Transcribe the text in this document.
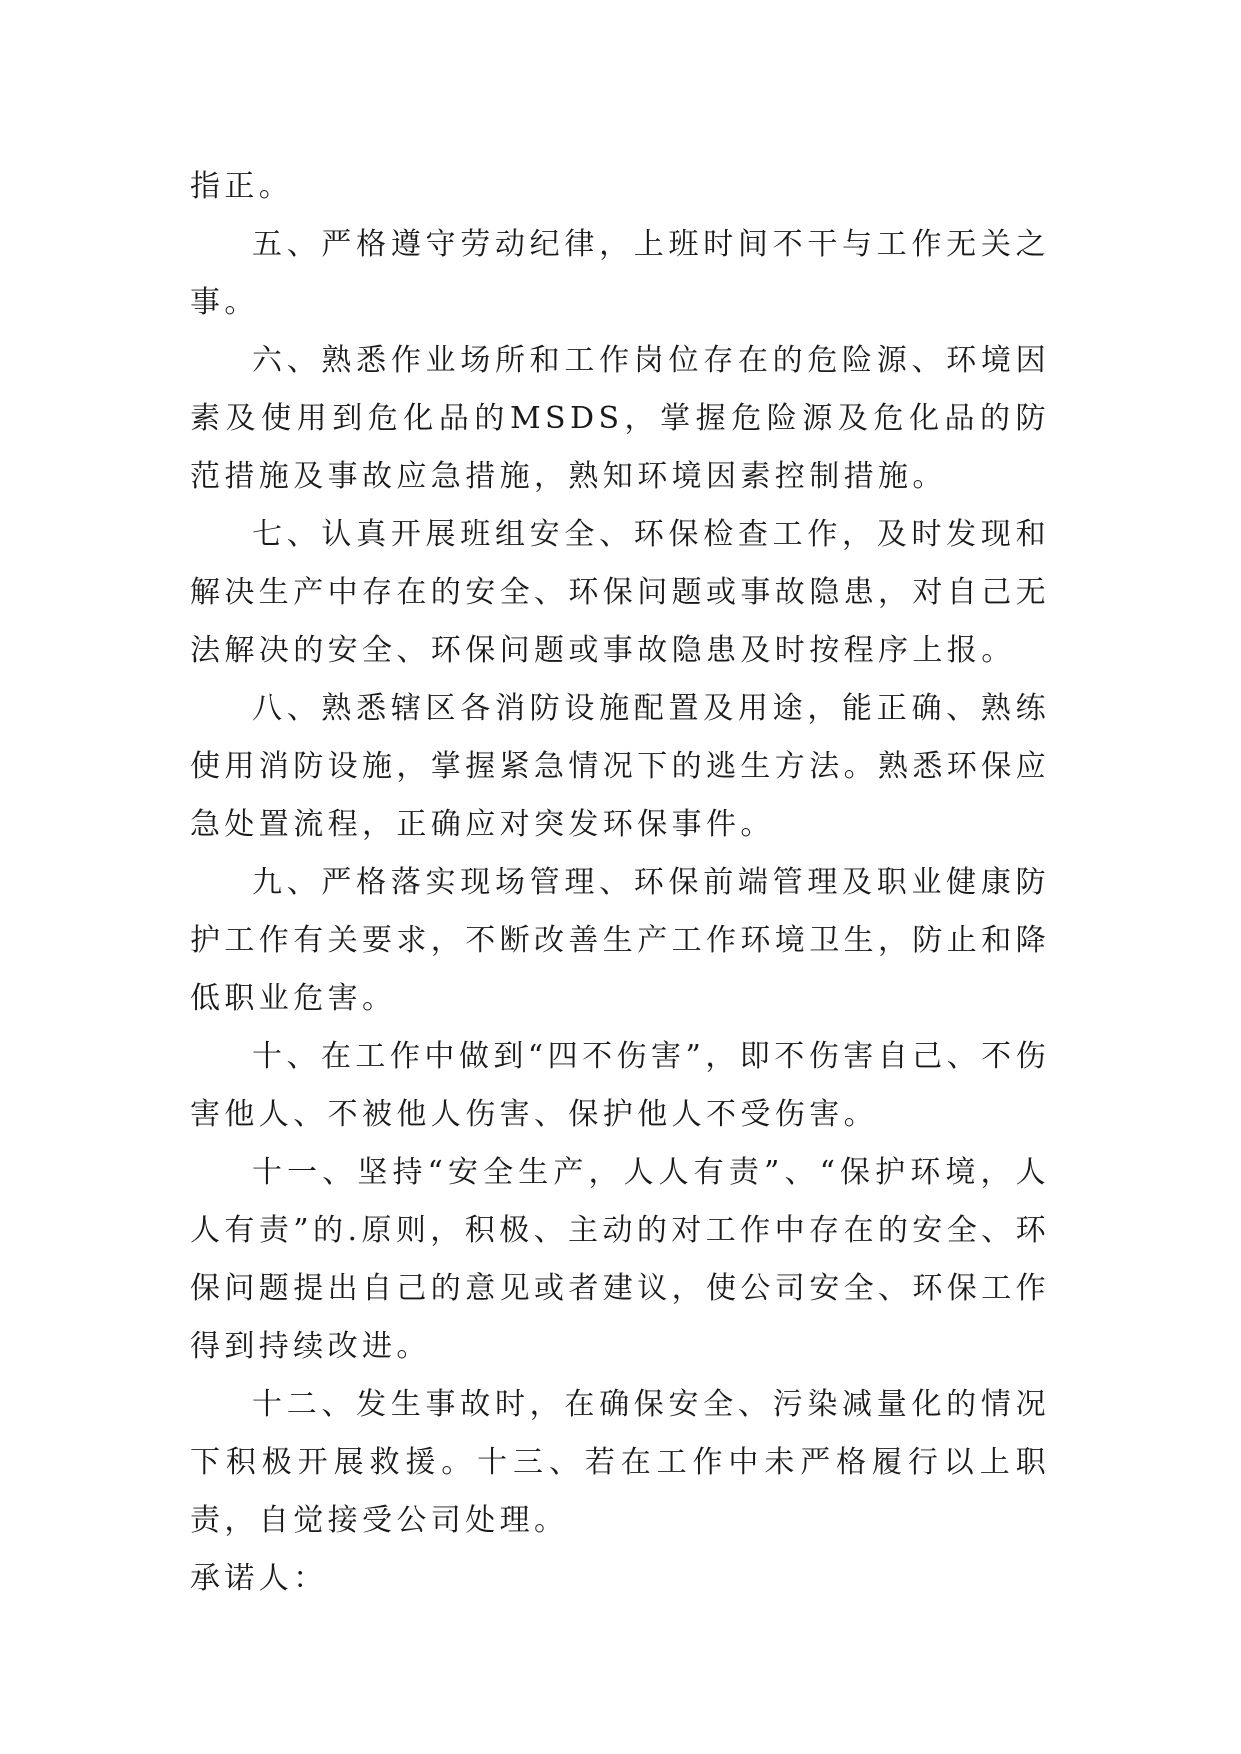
指正。

五、严格遵守劳动纪律，上班时间不干与工作无关之事。

六、熟悉作业场所和工作岗位存在的危险源、环境因素及使用到危化品的MSDS，掌握危险源及危化品的防范措施及事故应急措施，熟知环境因素控制措施。

七、认真开展班组安全、环保检查工作，及时发现和解决生产中存在的安全、环保问题或事故隐患，对自己无法解决的安全、环保问题或事故隐患及时按程序上报。

八、熟悉辖区各消防设施配置及用途，能正确、熟练使用消防设施，掌握紧急情况下的逃生方法。熟悉环保应急处置流程，正确应对突发环保事件。

九、严格落实现场管理、环保前端管理及职业健康防护工作有关要求，不断改善生产工作环境卫生，防止和降低职业危害。

十、在工作中做到“四不伤害”，即不伤害自己、不伤害他人、不被他人伤害、保护他人不受伤害。

十一、坚持“安全生产，人人有责”、“保护环境，人人有责”的.原则，积极、主动的对工作中存在的安全、环保问题提出自己的意见或者建议，使公司安全、环保工作得到持续改进。

十二、发生事故时，在确保安全、污染减量化的情况下积极开展救援。十三、若在工作中未严格履行以上职责，自觉接受公司处理。

承诺人：
